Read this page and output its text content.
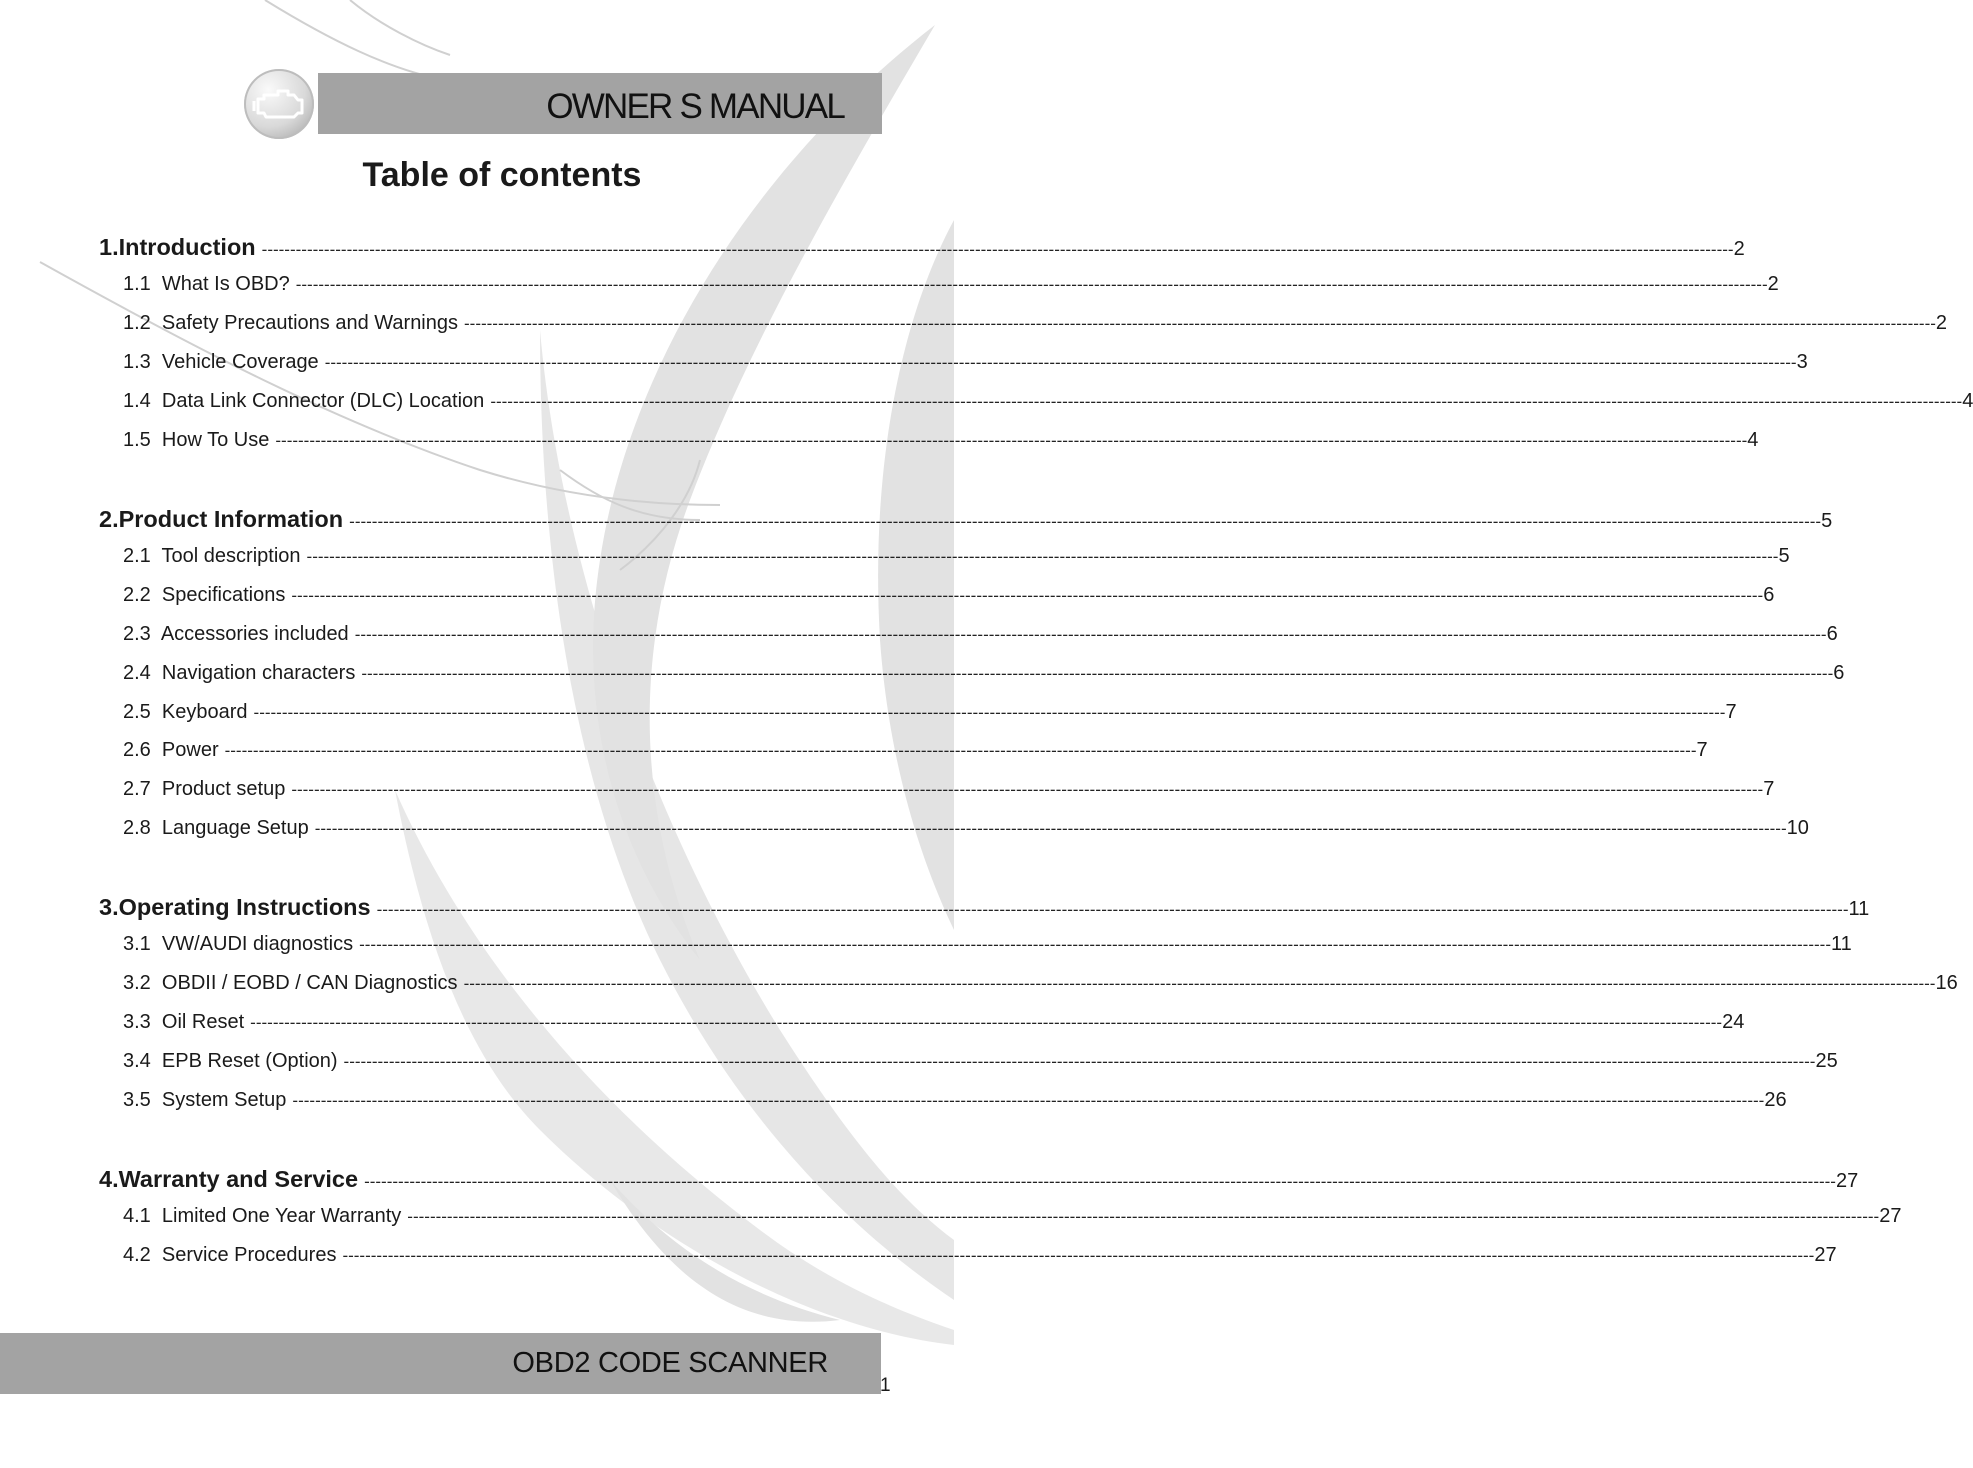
OWNER S MANUAL
Table of contents
1.Introduction -------------------------------------------------------------------------------------------------------------------------------------------------------------------------------------------------------------------------------------------------------------------- 2
1.1  What Is OBD? -------------------------------------------------------------------------------------------------------------------------------------------------------------------------------------------------------------------------------------------------------------------- 2
1.2  Safety Precautions and Warnings -------------------------------------------------------------------------------------------------------------------------------------------------------------------------------------------------------------------------------------------------------------------- 2
1.3  Vehicle Coverage -------------------------------------------------------------------------------------------------------------------------------------------------------------------------------------------------------------------------------------------------------------------- 3
1.4  Data Link Connector (DLC) Location -------------------------------------------------------------------------------------------------------------------------------------------------------------------------------------------------------------------------------------------------------------------- 4
1.5  How To Use -------------------------------------------------------------------------------------------------------------------------------------------------------------------------------------------------------------------------------------------------------------------- 4
2.Product Information -------------------------------------------------------------------------------------------------------------------------------------------------------------------------------------------------------------------------------------------------------------------- 5
2.1  Tool description -------------------------------------------------------------------------------------------------------------------------------------------------------------------------------------------------------------------------------------------------------------------- 5
2.2  Specifications -------------------------------------------------------------------------------------------------------------------------------------------------------------------------------------------------------------------------------------------------------------------- 6
2.3  Accessories included -------------------------------------------------------------------------------------------------------------------------------------------------------------------------------------------------------------------------------------------------------------------- 6
2.4  Navigation characters -------------------------------------------------------------------------------------------------------------------------------------------------------------------------------------------------------------------------------------------------------------------- 6
2.5  Keyboard -------------------------------------------------------------------------------------------------------------------------------------------------------------------------------------------------------------------------------------------------------------------- 7
2.6  Power -------------------------------------------------------------------------------------------------------------------------------------------------------------------------------------------------------------------------------------------------------------------- 7
2.7  Product setup -------------------------------------------------------------------------------------------------------------------------------------------------------------------------------------------------------------------------------------------------------------------- 7
2.8  Language Setup -------------------------------------------------------------------------------------------------------------------------------------------------------------------------------------------------------------------------------------------------------------------- 10
3.Operating Instructions -------------------------------------------------------------------------------------------------------------------------------------------------------------------------------------------------------------------------------------------------------------------- 11
3.1  VW/AUDI diagnostics -------------------------------------------------------------------------------------------------------------------------------------------------------------------------------------------------------------------------------------------------------------------- 11
3.2  OBDII / EOBD / CAN Diagnostics -------------------------------------------------------------------------------------------------------------------------------------------------------------------------------------------------------------------------------------------------------------------- 16
3.3  Oil Reset -------------------------------------------------------------------------------------------------------------------------------------------------------------------------------------------------------------------------------------------------------------------- 24
3.4  EPB Reset (Option) -------------------------------------------------------------------------------------------------------------------------------------------------------------------------------------------------------------------------------------------------------------------- 25
3.5  System Setup -------------------------------------------------------------------------------------------------------------------------------------------------------------------------------------------------------------------------------------------------------------------- 26
4.Warranty and Service -------------------------------------------------------------------------------------------------------------------------------------------------------------------------------------------------------------------------------------------------------------------- 27
4.1  Limited One Year Warranty -------------------------------------------------------------------------------------------------------------------------------------------------------------------------------------------------------------------------------------------------------------------- 27
4.2  Service Procedures -------------------------------------------------------------------------------------------------------------------------------------------------------------------------------------------------------------------------------------------------------------------- 27
OBD2 CODE SCANNER
1
